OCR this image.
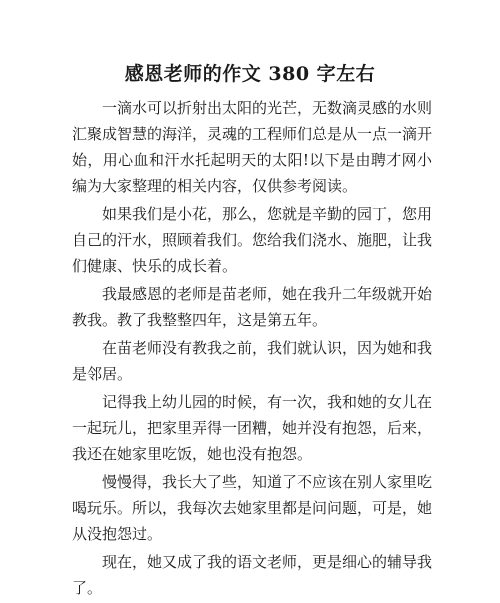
感恩老师的作文 380 字左右

一滴水可以折射出太阳的光芒，无数滴灵感的水则汇聚成智慧的海洋，灵魂的工程师们总是从一点一滴开始，用心血和汗水托起明天的太阳!以下是由聘才网小编为大家整理的相关内容，仅供参考阅读。

如果我们是小花，那么，您就是辛勤的园丁，您用自己的汗水，照顾着我们。您给我们浇水、施肥，让我们健康、快乐的成长着。

我最感恩的老师是苗老师，她在我升二年级就开始教我。教了我整整四年，这是第五年。

在苗老师没有教我之前，我们就认识，因为她和我是邻居。

记得我上幼儿园的时候，有一次，我和她的女儿在一起玩儿，把家里弄得一团糟，她并没有抱怨，后来，我还在她家里吃饭，她也没有抱怨。

慢慢得，我长大了些，知道了不应该在别人家里吃喝玩乐。所以，我每次去她家里都是问问题，可是，她从没抱怨过。

现在，她又成了我的语文老师，更是细心的辅导我了。
